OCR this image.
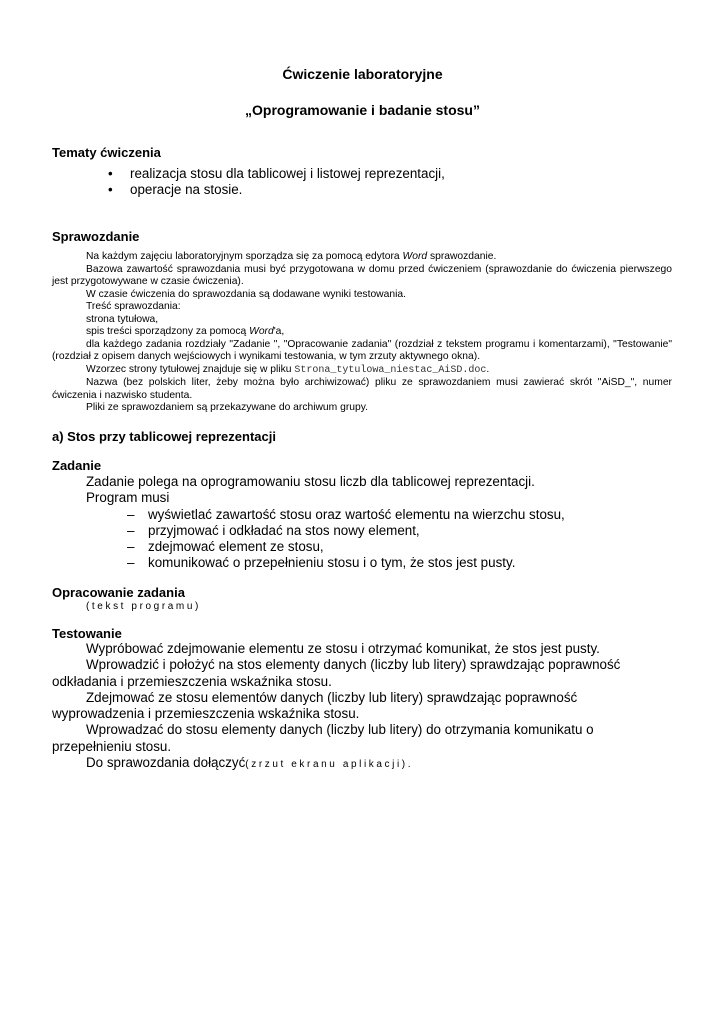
Ćwiczenie laboratoryjne
„Oprogramowanie i badanie stosu”
Tematy ćwiczenia
• realizacja stosu dla tablicowej i listowej reprezentacji,
• operacje na stosie.
Sprawozdanie

Na każdym zajęciu laboratoryjnym sporządza się za pomocą edytora Word sprawozdanie.

Bazowa zawartość sprawozdania musi być przygotowana w domu przed ćwiczeniem (sprawozdanie do ćwiczenia pierwszego jest przygotowywane w czasie ćwiczenia).

W czasie ćwiczenia do sprawozdania są dodawane wyniki testowania.

Treść sprawozdania:

strona tytułowa,

spis treści sporządzony za pomocą Word'a,

dla każdego zadania rozdziały "Zadanie ", "Opracowanie zadania" (rozdział z tekstem programu i komentarzami), "Testowanie" (rozdział z opisem danych wejściowych i wynikami testowania, w tym zrzuty aktywnego okna).

Wzorzec strony tytułowej znajduje się w pliku Strona_tytulowa_niestac_AiSD.doc.

Nazwa (bez polskich liter, żeby można było archiwizować) pliku ze sprawozdaniem musi zawierać skrót "AiSD_", numer ćwiczenia i nazwisko studenta.

Pliki ze sprawozdaniem są przekazywane do archiwum grupy.

a) Stos przy tablicowej reprezentacji
Zadanie

Zadanie polega na oprogramowaniu stosu liczb dla tablicowej reprezentacji.

Program musi

– wyświetlać zawartość stosu oraz wartość elementu na wierzchu stosu,
– przyjmować i odkładać na stos nowy element,
– zdejmować element ze stosu,
– komunikować o przepełnieniu stosu i o tym, że stos jest pusty.
Opracowanie zadania
(tekst programu)
Testowanie

Wypróbować zdejmowanie elementu ze stosu i otrzymać komunikat, że stos jest pusty.

Wprowadzić i położyć na stos elementy danych (liczby lub litery) sprawdzając poprawność odkładania i przemieszczenia wskaźnika stosu.

Zdejmować ze stosu elementów danych (liczby lub litery) sprawdzając poprawność wyprowadzenia i przemieszczenia wskaźnika stosu.

Wprowadzać do stosu elementy danych (liczby lub litery) do otrzymania komunikatu o przepełnieniu stosu.

Do sprawozdania dołączyć(zrzut ekranu aplikacji).
